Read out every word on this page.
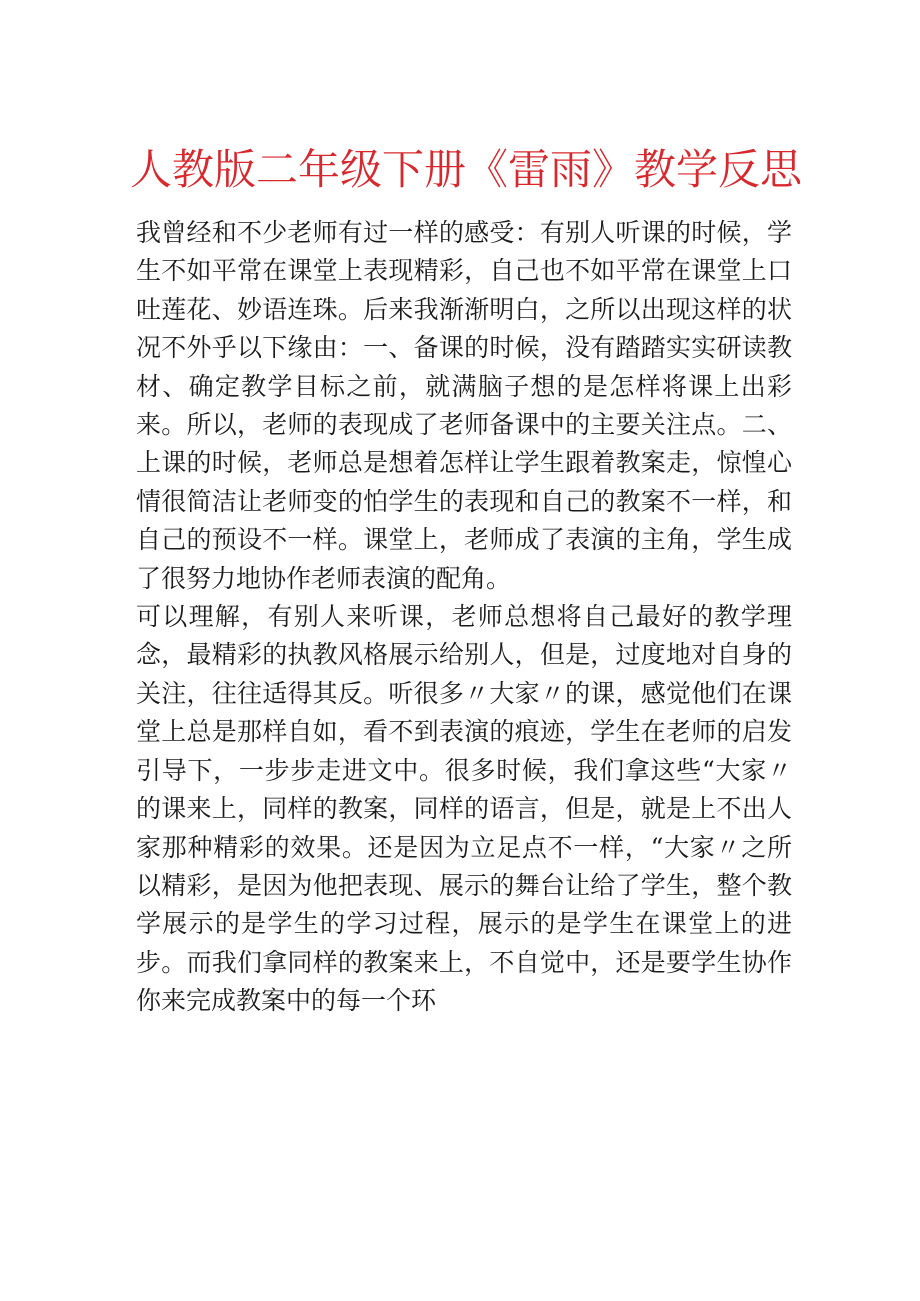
人教版二年级下册《雷雨》教学反思

我曾经和不少老师有过一样的感受：有别人听课的时候，学生不如平常在课堂上表现精彩，自己也不如平常在课堂上口吐莲花、妙语连珠。后来我渐渐明白，之所以出现这样的状况不外乎以下缘由：一、备课的时候，没有踏踏实实研读教材、确定教学目标之前，就满脑子想的是怎样将课上出彩来。所以，老师的表现成了老师备课中的主要关注点。二、上课的时候，老师总是想着怎样让学生跟着教案走，惊惶心情很简洁让老师变的怕学生的表现和自己的教案不一样，和自己的预设不一样。课堂上，老师成了表演的主角，学生成了很努力地协作老师表演的配角。

可以理解，有别人来听课，老师总想将自己最好的教学理念，最精彩的执教风格展示给别人，但是，过度地对自身的关注，往往适得其反。听很多〃大家〃的课，感觉他们在课堂上总是那样自如，看不到表演的痕迹，学生在老师的启发引导下，一步步走进文中。很多时候，我们拿这些“大家〃的课来上，同样的教案，同样的语言，但是，就是上不出人家那种精彩的效果。还是因为立足点不一样，“大家〃之所以精彩，是因为他把表现、展示的舞台让给了学生，整个教学展示的是学生的学习过程，展示的是学生在课堂上的进步。而我们拿同样的教案来上，不自觉中，还是要学生协作你来完成教案中的每一个环
